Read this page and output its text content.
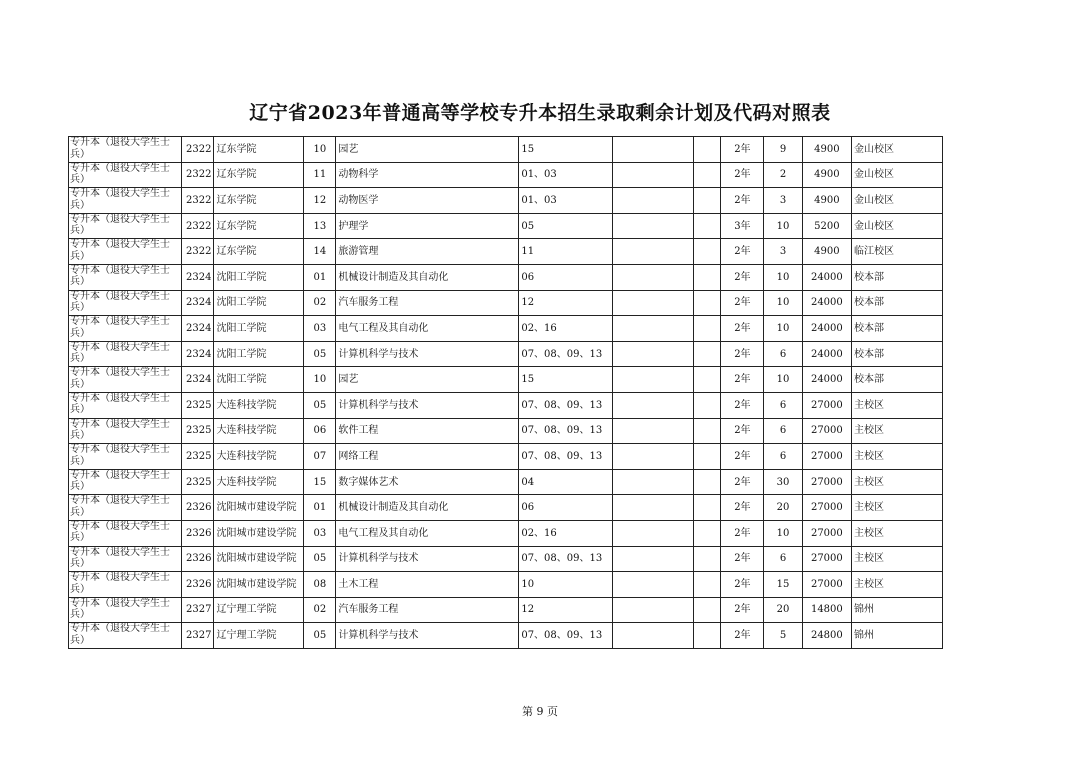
辽宁省2023年普通高等学校专升本招生录取剩余计划及代码对照表
专升本（退役大学生士兵）	2322	辽东学院	10	园艺	15			2年	9	4900	金山校区
专升本（退役大学生士兵）	2322	辽东学院	11	动物科学	01、03			2年	2	4900	金山校区
专升本（退役大学生士兵）	2322	辽东学院	12	动物医学	01、03			2年	3	4900	金山校区
专升本（退役大学生士兵）	2322	辽东学院	13	护理学	05			3年	10	5200	金山校区
专升本（退役大学生士兵）	2322	辽东学院	14	旅游管理	11			2年	3	4900	临江校区
专升本（退役大学生士兵）	2324	沈阳工学院	01	机械设计制造及其自动化	06			2年	10	24000	校本部
专升本（退役大学生士兵）	2324	沈阳工学院	02	汽车服务工程	12			2年	10	24000	校本部
专升本（退役大学生士兵）	2324	沈阳工学院	03	电气工程及其自动化	02、16			2年	10	24000	校本部
专升本（退役大学生士兵）	2324	沈阳工学院	05	计算机科学与技术	07、08、09、13			2年	6	24000	校本部
专升本（退役大学生士兵）	2324	沈阳工学院	10	园艺	15			2年	10	24000	校本部
专升本（退役大学生士兵）	2325	大连科技学院	05	计算机科学与技术	07、08、09、13			2年	6	27000	主校区
专升本（退役大学生士兵）	2325	大连科技学院	06	软件工程	07、08、09、13			2年	6	27000	主校区
专升本（退役大学生士兵）	2325	大连科技学院	07	网络工程	07、08、09、13			2年	6	27000	主校区
专升本（退役大学生士兵）	2325	大连科技学院	15	数字媒体艺术	04			2年	30	27000	主校区
专升本（退役大学生士兵）	2326	沈阳城市建设学院	01	机械设计制造及其自动化	06			2年	20	27000	主校区
专升本（退役大学生士兵）	2326	沈阳城市建设学院	03	电气工程及其自动化	02、16			2年	10	27000	主校区
专升本（退役大学生士兵）	2326	沈阳城市建设学院	05	计算机科学与技术	07、08、09、13			2年	6	27000	主校区
专升本（退役大学生士兵）	2326	沈阳城市建设学院	08	土木工程	10			2年	15	27000	主校区
专升本（退役大学生士兵）	2327	辽宁理工学院	02	汽车服务工程	12			2年	20	14800	锦州
专升本（退役大学生士兵）	2327	辽宁理工学院	05	计算机科学与技术	07、08、09、13			2年	5	24800	锦州
第 9 页
